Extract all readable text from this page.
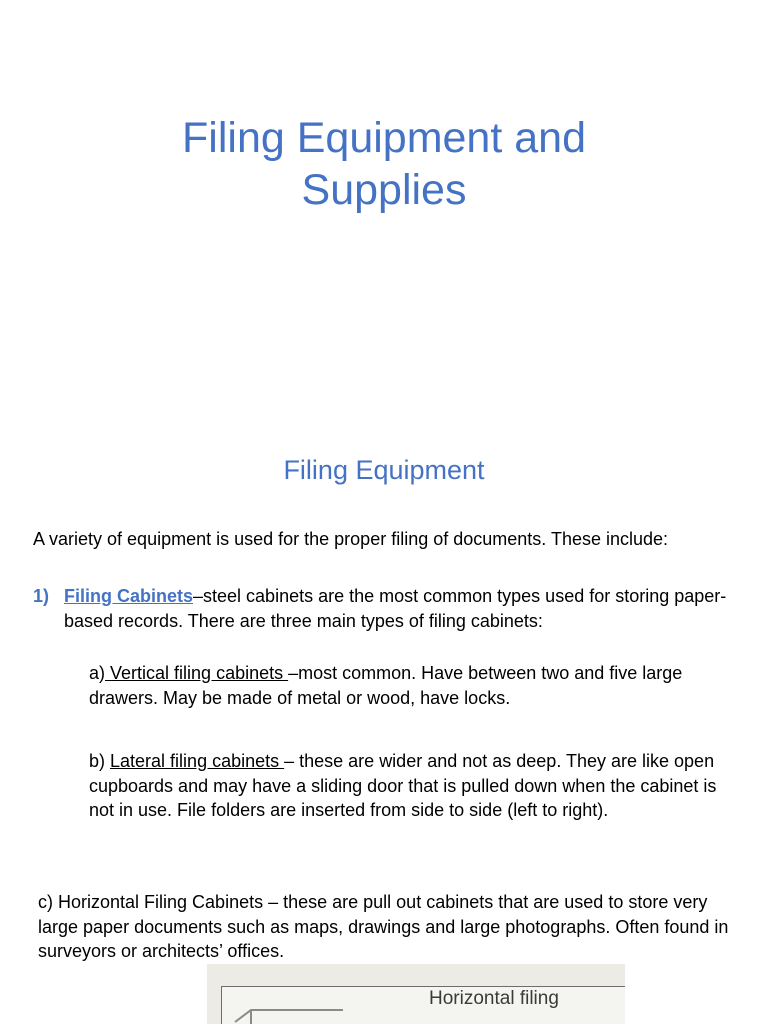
Filing Equipment and
Supplies
Filing Equipment
A variety of equipment is used for the proper filing of documents. These include:
1) Filing Cabinets–steel cabinets are the most common types used for storing paper-based records. There are three main types of filing cabinets:
a) Vertical filing cabinets –most common. Have between two and five large drawers. May be made of metal or wood, have locks.
b) Lateral filing cabinets – these are wider and not as deep. They are like open cupboards and may have a sliding door that is pulled down when the cabinet is not in use. File folders are inserted from side to side (left to right).
c) Horizontal Filing Cabinets – these are pull out cabinets that are used to store very large paper documents such as maps, drawings and large photographs. Often found in surveyors or architects’ offices.
Horizontal filing
